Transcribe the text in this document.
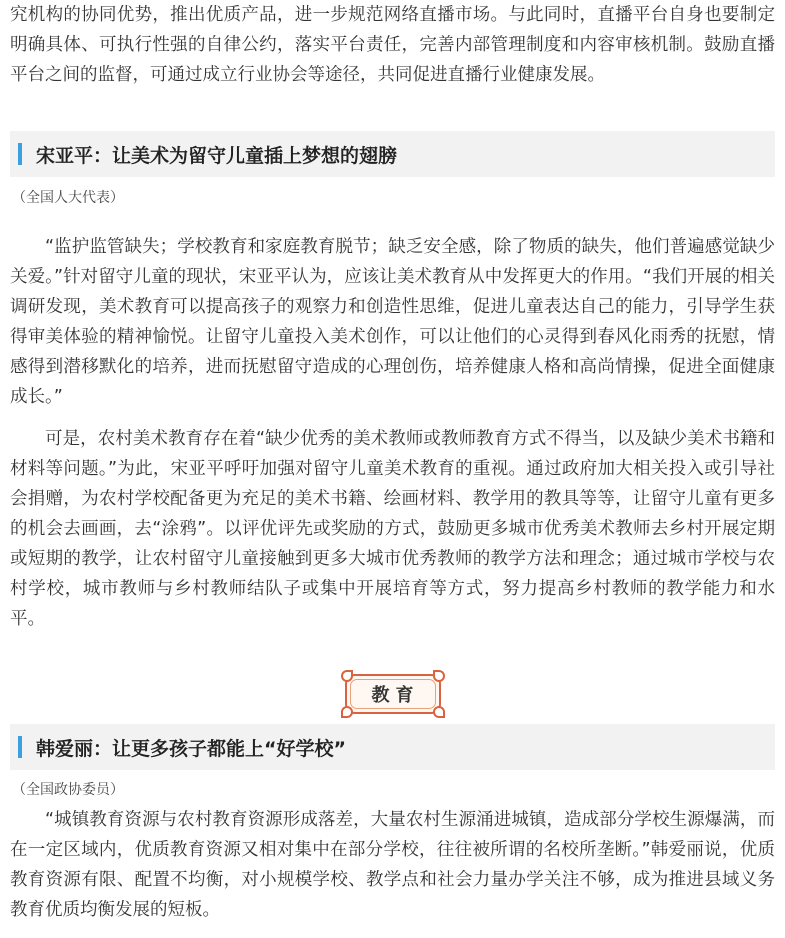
究机构的协同优势，推出优质产品，进一步规范网络直播市场。与此同时，直播平台自身也要制定明确具体、可执行性强的自律公约，落实平台责任，完善内部管理制度和内容审核机制。鼓励直播平台之间的监督，可通过成立行业协会等途径，共同促进直播行业健康发展。

宋亚平：让美术为留守儿童插上梦想的翅膀

（全国人大代表）

“监护监管缺失；学校教育和家庭教育脱节；缺乏安全感，除了物质的缺失，他们普遍感觉缺少关爱。”针对留守儿童的现状，宋亚平认为，应该让美术教育从中发挥更大的作用。“我们开展的相关调研发现，美术教育可以提高孩子的观察力和创造性思维，促进儿童表达自己的能力，引导学生获得审美体验的精神愉悦。让留守儿童投入美术创作，可以让他们的心灵得到春风化雨秀的抚慰，情感得到潜移默化的培养，进而抚慰留守造成的心理创伤，培养健康人格和高尚情操，促进全面健康成长。”

可是，农村美术教育存在着“缺少优秀的美术教师或教师教育方式不得当，以及缺少美术书籍和材料等问题。”为此，宋亚平呼吁加强对留守儿童美术教育的重视。通过政府加大相关投入或引导社会捐赠，为农村学校配备更为充足的美术书籍、绘画材料、教学用的教具等等，让留守儿童有更多的机会去画画，去“涂鸦”。以评优评先或奖励的方式，鼓励更多城市优秀美术教师去乡村开展定期或短期的教学，让农村留守儿童接触到更多大城市优秀教师的教学方法和理念；通过城市学校与农村学校，城市教师与乡村教师结队子或集中开展培育等方式，努力提高乡村教师的教学能力和水平。

教育
韩爱丽：让更多孩子都能上“好学校”

（全国政协委员）

“城镇教育资源与农村教育资源形成落差，大量农村生源涌进城镇，造成部分学校生源爆满，而在一定区域内，优质教育资源又相对集中在部分学校，往往被所谓的名校所垄断。”韩爱丽说，优质教育资源有限、配置不均衡，对小规模学校、教学点和社会力量办学关注不够，成为推进县域义务教育优质均衡发展的短板。
